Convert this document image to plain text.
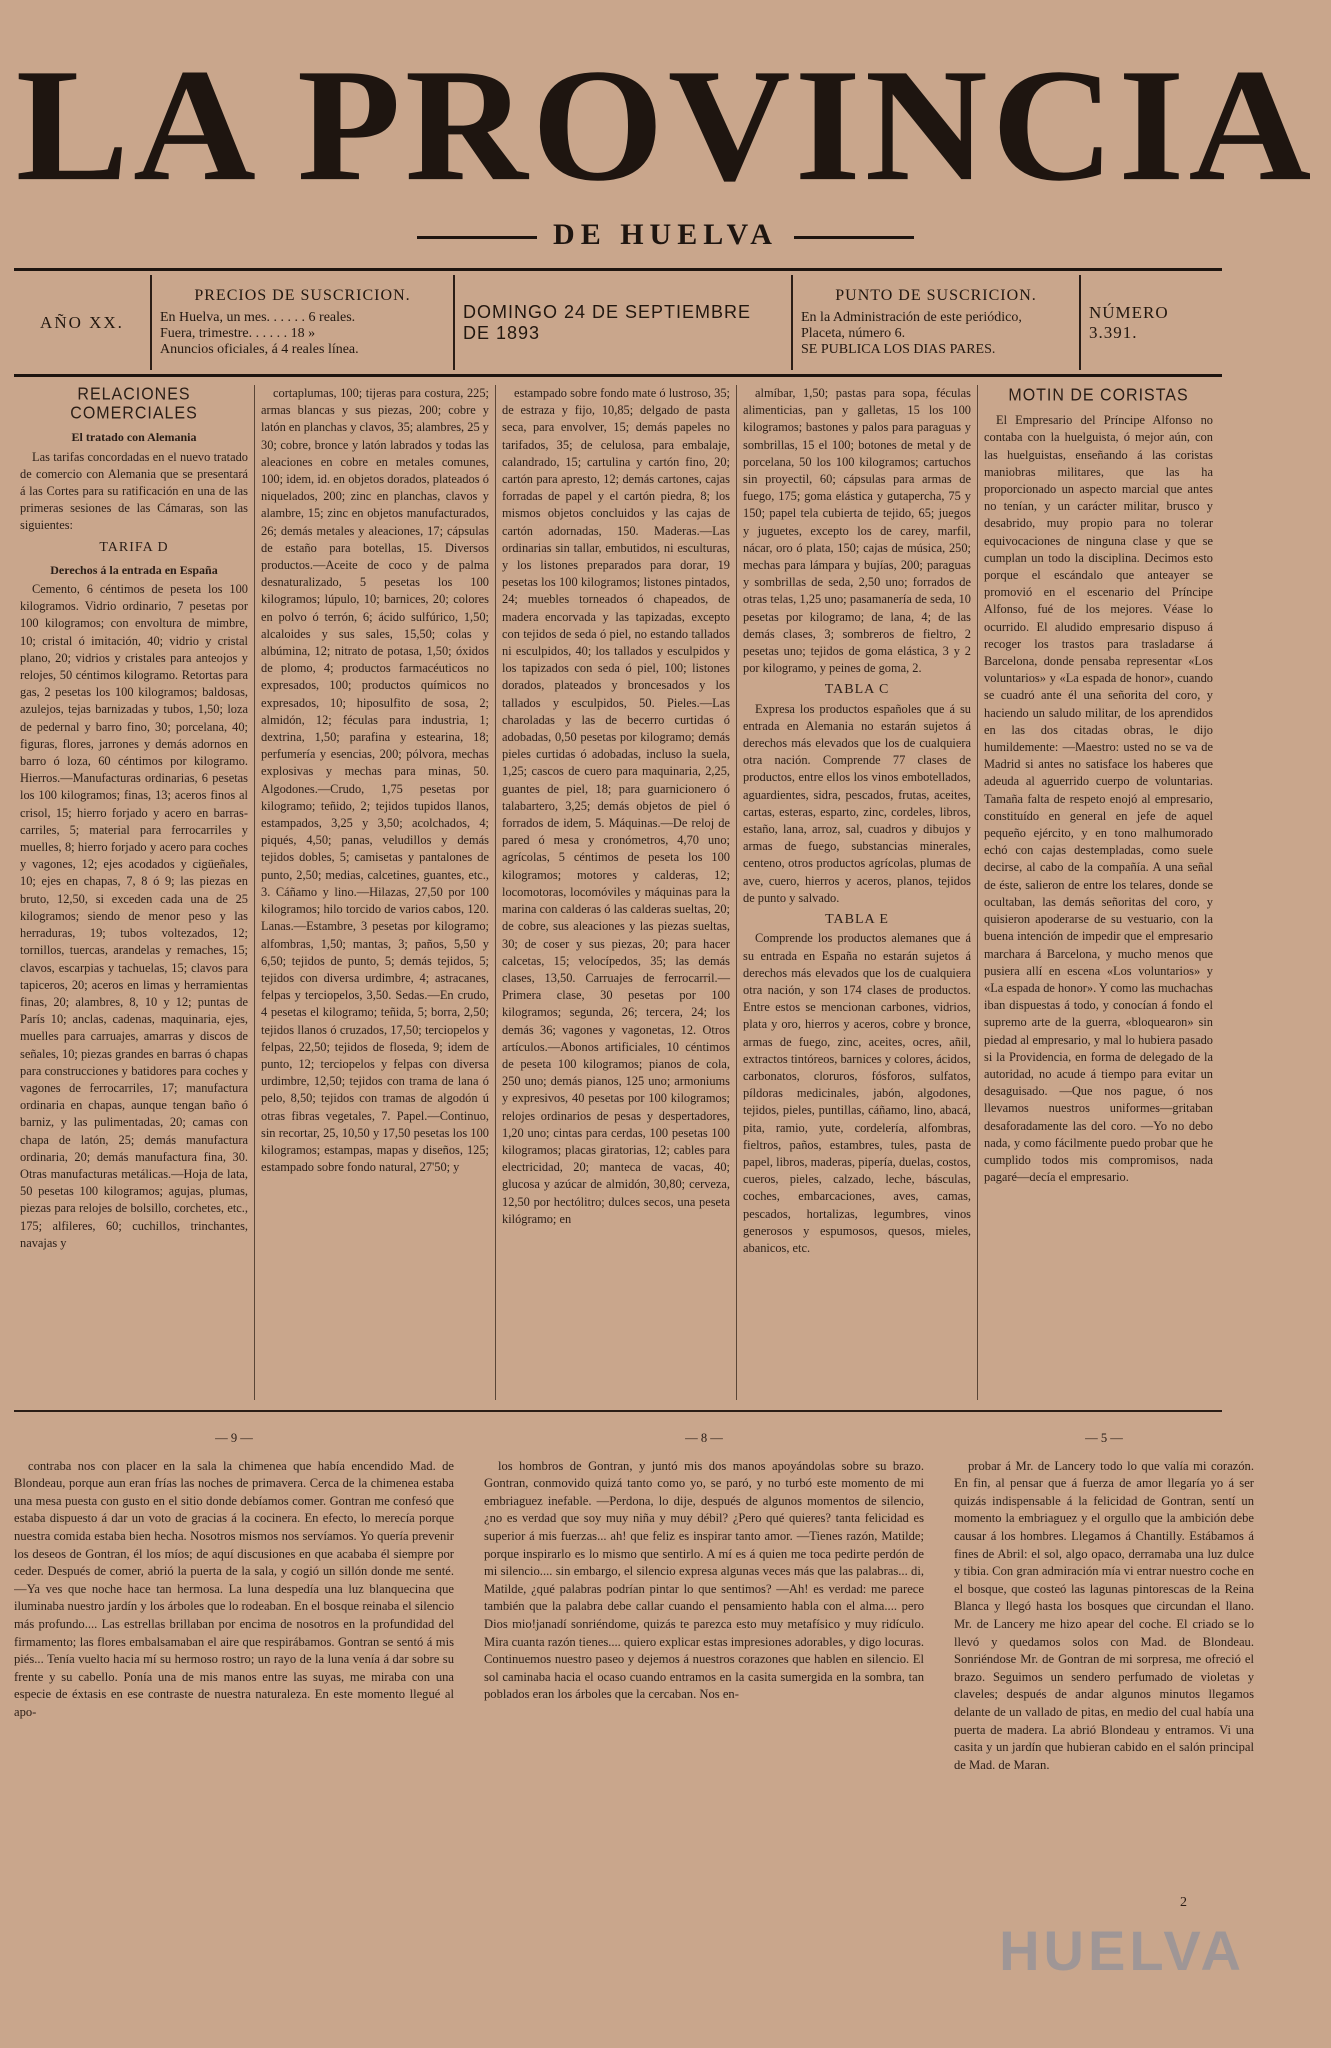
LA PROVINCIA
DE HUELVA
AÑO XX.
PRECIOS DE SUSCRICION.
En Huelva, un mes. . . . . . 6 reales.
Fuera, trimestre. . . . . . 18 »
Anuncios oficiales, á 4 reales línea.
DOMINGO 24 DE SEPTIEMBRE DE 1893
PUNTO DE SUSCRICION.
En la Administración de este periódico,
Placeta, número 6.
SE PUBLICA LOS DIAS PARES.
NÚMERO 3.391.
RELACIONES COMERCIALES
El tratado con Alemania

Las tarifas concordadas en el nuevo tratado de comercio con Alemania que se presentará á las Cortes para su ratificación en una de las primeras sesiones de las Cámaras, son las siguientes:

TARIFA D
Derechos á la entrada en España

Cemento, 6 céntimos de peseta los 100 kilogramos. Vidrio ordinario, 7 pesetas por 100 kilogramos; con envoltura de mimbre, 10; cristal ó imitación, 40; vidrio y cristal plano, 20; vidrios y cristales para anteojos y relojes, 50 céntimos kilogramo. Retortas para gas, 2 pesetas los 100 kilogramos; baldosas, azulejos, tejas barnizadas y tubos, 1,50; loza de pedernal y barro fino, 30; porcelana, 40; figuras, flores, jarrones y demás adornos en barro ó loza, 60 céntimos por kilogramo. Hierros.—Manufacturas ordinarias, 6 pesetas los 100 kilogramos; finas, 13; aceros finos al crisol, 15; hierro forjado y acero en barras-carriles, 5; material para ferrocarriles y muelles, 8; hierro forjado y acero para coches y vagones, 12; ejes acodados y cigüeñales, 10; ejes en chapas, 7, 8 ó 9; las piezas en bruto, 12,50, si exceden cada una de 25 kilogramos; siendo de menor peso y las herraduras, 19; tubos voltezados, 12; tornillos, tuercas, arandelas y remaches, 15; clavos, escarpias y tachuelas, 15; clavos para tapiceros, 20; aceros en limas y herramientas finas, 20; alambres, 8, 10 y 12; puntas de París 10; anclas, cadenas, maquinaria, ejes, muelles para carruajes, amarras y discos de señales, 10; piezas grandes en barras ó chapas para construcciones y batidores para coches y vagones de ferrocarriles, 17; manufactura ordinaria en chapas, aunque tengan baño ó barniz, y las pulimentadas, 20; camas con chapa de latón, 25; demás manufactura ordinaria, 20; demás manufactura fina, 30. Otras manufacturas metálicas.—Hoja de lata, 50 pesetas 100 kilogramos; agujas, plumas, piezas para relojes de bolsillo, corchetes, etc., 175; alfileres, 60; cuchillos, trinchantes, navajas y

cortaplumas, 100; tijeras para costura, 225; armas blancas y sus piezas, 200; cobre y latón en planchas y clavos, 35; alambres, 25 y 30; cobre, bronce y latón labrados y todas las aleaciones en cobre en metales comunes, 100; idem, id. en objetos dorados, plateados ó niquelados, 200; zinc en planchas, clavos y alambre, 15; zinc en objetos manufacturados, 26; demás metales y aleaciones, 17; cápsulas de estaño para botellas, 15. Diversos productos.—Aceite de coco y de palma desnaturalizado, 5 pesetas los 100 kilogramos; lúpulo, 10; barnices, 20; colores en polvo ó terrón, 6; ácido sulfúrico, 1,50; alcaloides y sus sales, 15,50; colas y albúmina, 12; nitrato de potasa, 1,50; óxidos de plomo, 4; productos farmacéuticos no expresados, 100; productos químicos no expresados, 10; hiposulfito de sosa, 2; almidón, 12; féculas para industria, 1; dextrina, 1,50; parafina y estearina, 18; perfumería y esencias, 200; pólvora, mechas explosivas y mechas para minas, 50. Algodones.—Crudo, 1,75 pesetas por kilogramo; teñido, 2; tejidos tupidos llanos, estampados, 3,25 y 3,50; acolchados, 4; piqués, 4,50; panas, veludillos y demás tejidos dobles, 5; camisetas y pantalones de punto, 2,50; medias, calcetines, guantes, etc., 3. Cáñamo y lino.—Hilazas, 27,50 por 100 kilogramos; hilo torcido de varios cabos, 120. Lanas.—Estambre, 3 pesetas por kilogramo; alfombras, 1,50; mantas, 3; paños, 5,50 y 6,50; tejidos de punto, 5; demás tejidos, 5; tejidos con diversa urdimbre, 4; astracanes, felpas y terciopelos, 3,50. Sedas.—En crudo, 4 pesetas el kilogramo; teñida, 5; borra, 2,50; tejidos llanos ó cruzados, 17,50; terciopelos y felpas, 22,50; tejidos de floseda, 9; idem de punto, 12; terciopelos y felpas con diversa urdimbre, 12,50; tejidos con trama de lana ó pelo, 8,50; tejidos con tramas de algodón ú otras fibras vegetales, 7. Papel.—Continuo, sin recortar, 25, 10,50 y 17,50 pesetas los 100 kilogramos; estampas, mapas y diseños, 125; estampado sobre fondo natural, 27'50; y

estampado sobre fondo mate ó lustroso, 35; de estraza y fijo, 10,85; delgado de pasta seca, para envolver, 15; demás papeles no tarifados, 35; de celulosa, para embalaje, calandrado, 15; cartulina y cartón fino, 20; cartón para apresto, 12; demás cartones, cajas forradas de papel y el cartón piedra, 8; los mismos objetos concluidos y las cajas de cartón adornadas, 150. Maderas.—Las ordinarias sin tallar, embutidos, ni esculturas, y los listones preparados para dorar, 19 pesetas los 100 kilogramos; listones pintados, 24; muebles torneados ó chapeados, de madera encorvada y las tapizadas, excepto con tejidos de seda ó piel, no estando tallados ni esculpidos, 40; los tallados y esculpidos y los tapizados con seda ó piel, 100; listones dorados, plateados y broncesados y los tallados y esculpidos, 50. Pieles.—Las charoladas y las de becerro curtidas ó adobadas, 0,50 pesetas por kilogramo; demás pieles curtidas ó adobadas, incluso la suela, 1,25; cascos de cuero para maquinaria, 2,25, guantes de piel, 18; para guarnicionero ó talabartero, 3,25; demás objetos de piel ó forrados de idem, 5. Máquinas.—De reloj de pared ó mesa y cronómetros, 4,70 uno; agrícolas, 5 céntimos de peseta los 100 kilogramos; motores y calderas, 12; locomotoras, locomóviles y máquinas para la marina con calderas ó las calderas sueltas, 20; de cobre, sus aleaciones y las piezas sueltas, 30; de coser y sus piezas, 20; para hacer calcetas, 15; velocípedos, 35; las demás clases, 13,50. Carruajes de ferrocarril.—Primera clase, 30 pesetas por 100 kilogramos; segunda, 26; tercera, 24; los demás 36; vagones y vagonetas, 12. Otros artículos.—Abonos artificiales, 10 céntimos de peseta 100 kilogramos; pianos de cola, 250 uno; demás pianos, 125 uno; armoniums y expresivos, 40 pesetas por 100 kilogramos; relojes ordinarios de pesas y despertadores, 1,20 uno; cintas para cerdas, 100 pesetas 100 kilogramos; placas giratorias, 12; cables para electricidad, 20; manteca de vacas, 40; glucosa y azúcar de almidón, 30,80; cerveza, 12,50 por hectólitro; dulces secos, una peseta kilógramo; en

almíbar, 1,50; pastas para sopa, féculas alimenticias, pan y galletas, 15 los 100 kilogramos; bastones y palos para paraguas y sombrillas, 15 el 100; botones de metal y de porcelana, 50 los 100 kilogramos; cartuchos sin proyectil, 60; cápsulas para armas de fuego, 175; goma elástica y gutapercha, 75 y 150; papel tela cubierta de tejido, 65; juegos y juguetes, excepto los de carey, marfil, nácar, oro ó plata, 150; cajas de música, 250; mechas para lámpara y bujías, 200; paraguas y sombrillas de seda, 2,50 uno; forrados de otras telas, 1,25 uno; pasamanería de seda, 10 pesetas por kilogramo; de lana, 4; de las demás clases, 3; sombreros de fieltro, 2 pesetas uno; tejidos de goma elástica, 3 y 2 por kilogramo, y peines de goma, 2.

TABLA C

Expresa los productos españoles que á su entrada en Alemania no estarán sujetos á derechos más elevados que los de cualquiera otra nación. Comprende 77 clases de productos, entre ellos los vinos embotellados, aguardientes, sidra, pescados, frutas, aceites, cartas, esteras, esparto, zinc, cordeles, libros, estaño, lana, arroz, sal, cuadros y dibujos y armas de fuego, substancias minerales, centeno, otros productos agrícolas, plumas de ave, cuero, hierros y aceros, planos, tejidos de punto y salvado.

TABLA E

Comprende los productos alemanes que á su entrada en España no estarán sujetos á derechos más elevados que los de cualquiera otra nación, y son 174 clases de productos. Entre estos se mencionan carbones, vidrios, plata y oro, hierros y aceros, cobre y bronce, armas de fuego, zinc, aceites, ocres, añil, extractos tintóreos, barnices y colores, ácidos, carbonatos, cloruros, fósforos, sulfatos, píldoras medicinales, jabón, algodones, tejidos, pieles, puntillas, cáñamo, lino, abacá, pita, ramio, yute, cordelería, alfombras, fieltros, paños, estambres, tules, pasta de papel, libros, maderas, pipería, duelas, costos, cueros, pieles, calzado, leche, básculas, coches, embarcaciones, aves, camas, pescados, hortalizas, legumbres, vinos generosos y espumosos, quesos, mieles, abanicos, etc.

MOTIN DE CORISTAS

El Empresario del Príncipe Alfonso no contaba con la huelguista, ó mejor aún, con las huelguistas, enseñando á las coristas maniobras militares, que las ha proporcionado un aspecto marcial que antes no tenían, y un carácter militar, brusco y desabrido, muy propio para no tolerar equivocaciones de ninguna clase y que se cumplan un todo la disciplina. Decimos esto porque el escándalo que anteayer se promovió en el escenario del Príncipe Alfonso, fué de los mejores. Véase lo ocurrido. El aludido empresario dispuso á recoger los trastos para trasladarse á Barcelona, donde pensaba representar «Los voluntarios» y «La espada de honor», cuando se cuadró ante él una señorita del coro, y haciendo un saludo militar, de los aprendidos en las dos citadas obras, le dijo humildemente: —Maestro: usted no se va de Madrid si antes no satisface los haberes que adeuda al aguerrido cuerpo de voluntarias. Tamaña falta de respeto enojó al empresario, constituído en general en jefe de aquel pequeño ejército, y en tono malhumorado echó con cajas destempladas, como suele decirse, al cabo de la compañía. A una señal de éste, salieron de entre los telares, donde se ocultaban, las demás señoritas del coro, y quisieron apoderarse de su vestuario, con la buena intención de impedir que el empresario marchara á Barcelona, y mucho menos que pusiera allí en escena «Los voluntarios» y «La espada de honor». Y como las muchachas iban dispuestas á todo, y conocían á fondo el supremo arte de la guerra, «bloquearon» sin piedad al empresario, y mal lo hubiera pasado si la Providencia, en forma de delegado de la autoridad, no acude á tiempo para evitar un desaguisado. —Que nos pague, ó nos llevamos nuestros uniformes—gritaban desaforadamente las del coro. —Yo no debo nada, y como fácilmente puedo probar que he cumplido todos mis compromisos, nada pagaré—decía el empresario.

— 9 —

contraba nos con placer en la sala la chimenea que había encendido Mad. de Blondeau, porque aun eran frías las noches de primavera. Cerca de la chimenea estaba una mesa puesta con gusto en el sitio donde debíamos comer. Gontran me confesó que estaba dispuesto á dar un voto de gracias á la cocinera. En efecto, lo merecía porque nuestra comida estaba bien hecha. Nosotros mismos nos servíamos. Yo quería prevenir los deseos de Gontran, él los míos; de aquí discusiones en que acababa él siempre por ceder. Después de comer, abrió la puerta de la sala, y cogió un sillón donde me senté. —Ya ves que noche hace tan hermosa. La luna despedía una luz blanquecina que iluminaba nuestro jardín y los árboles que lo rodeaban. En el bosque reinaba el silencio más profundo.... Las estrellas brillaban por encima de nosotros en la profundidad del firmamento; las flores embalsamaban el aire que respirábamos. Gontran se sentó á mis piés... Tenía vuelto hacia mí su hermoso rostro; un rayo de la luna venía á dar sobre su frente y su cabello. Ponía una de mis manos entre las suyas, me miraba con una especie de éxtasis en ese contraste de nuestra naturaleza. En este momento llegué al apo-

— 8 —

los hombros de Gontran, y juntó mis dos manos apoyándolas sobre su brazo. Gontran, conmovido quizá tanto como yo, se paró, y no turbó este momento de mi embriaguez inefable. —Perdona, lo dije, después de algunos momentos de silencio, ¿no es verdad que soy muy niña y muy débil? ¿Pero qué quieres? tanta felicidad es superior á mis fuerzas... ah! que feliz es inspirar tanto amor. —Tienes razón, Matilde; porque inspirarlo es lo mismo que sentirlo. A mí es á quien me toca pedirte perdón de mi silencio.... sin embargo, el silencio expresa algunas veces más que las palabras... di, Matilde, ¿qué palabras podrían pintar lo que sentimos? —Ah! es verdad: me parece también que la palabra debe callar cuando el pensamiento habla con el alma.... pero Dios mio!janadí sonriéndome, quizás te parezca esto muy metafísico y muy ridículo. Mira cuanta razón tienes.... quiero explicar estas impresiones adorables, y digo locuras. Continuemos nuestro paseo y dejemos á nuestros corazones que hablen en silencio. El sol caminaba hacia el ocaso cuando entramos en la casita sumergida en la sombra, tan poblados eran los árboles que la cercaban. Nos en-

— 5 —

probar á Mr. de Lancery todo lo que valía mi corazón. En fin, al pensar que á fuerza de amor llegaría yo á ser quizás indispensable á la felicidad de Gontran, sentí un momento la embriaguez y el orgullo que la ambición debe causar á los hombres. Llegamos á Chantilly. Estábamos á fines de Abril: el sol, algo opaco, derramaba una luz dulce y tibia. Con gran admiración mía vi entrar nuestro coche en el bosque, que costeó las lagunas pintorescas de la Reina Blanca y llegó hasta los bosques que circundan el llano. Mr. de Lancery me hizo apear del coche. El criado se lo llevó y quedamos solos con Mad. de Blondeau. Sonriéndose Mr. de Gontran de mi sorpresa, me ofreció el brazo. Seguimos un sendero perfumado de violetas y claveles; después de andar algunos minutos llegamos delante de un vallado de pitas, en medio del cual había una puerta de madera. La abrió Blondeau y entramos. Vi una casita y un jardín que hubieran cabido en el salón principal de Mad. de Maran.

HUELVA
2
